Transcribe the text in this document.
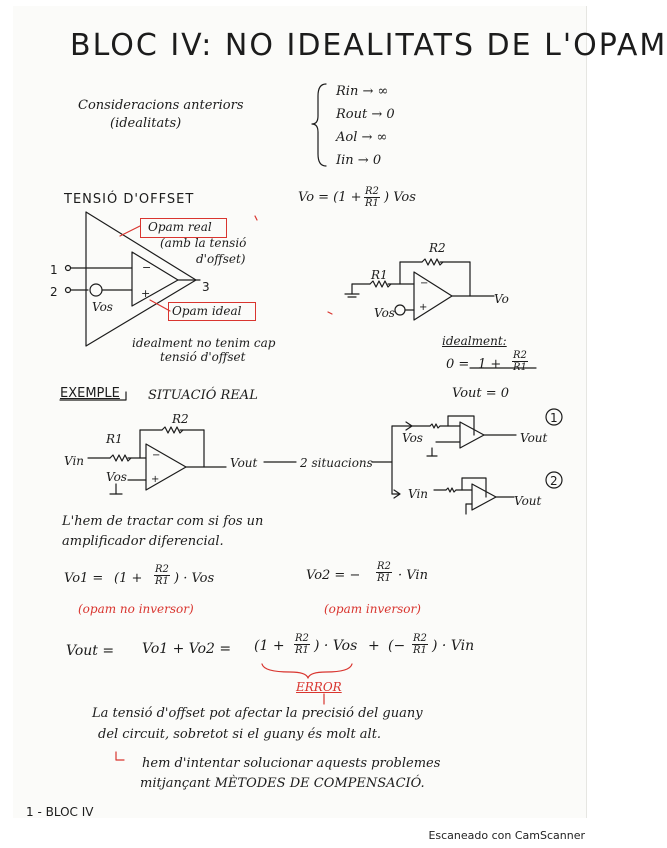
BLOC IV: NO IDEALITATS DE L'OPAM
Consideracions anteriors
(idealitats)
Rin → ∞
Rout → 0
Aol → ∞
Iin → 0
TENSIÓ D'OFFSET	$Vo = (1 + \frac{R2}{R1}$ ) Vos
Opam real
(amb la tensió
d'offset)
1
2	3
Vos	Opam ideal
idealment no tenim cap
tensió d'offset
R2
R1
Vos
Vo
idealment:
$0 = 1 + \frac{R2}{R1}$
Vout = 0
EXEMPLE SITUACIÓ REAL
R2
R1
Vin
Vos
Vout	2 situacions
Vos	Vout
Vin	Vout
1
2
L'hem de tractar com si fos un
amplificador diferencial.
$Vo1 = (1 + \frac{R2}{R1}$ ) · Vos
(opam no inversor)
Vo2 = − $\frac{R2}{R1}$ · Vin
(opam inversor)
Vout = $Vo1 + Vo2 = (1 + \frac{R2}{R1}$ ) · Vos + (− $\frac{R2}{R1}$ ) · Vin
ERROR
La tensió d'offset pot afectar la precisió del guany
del circuit, sobretot si el guany és molt alt.
hem d'intentar solucionar aquests problemes
mitjançant MÈTODES DE COMPENSACIÓ.
1 - BLOC IV
Escaneado con CamScanner
−
+
−
+
−
+
